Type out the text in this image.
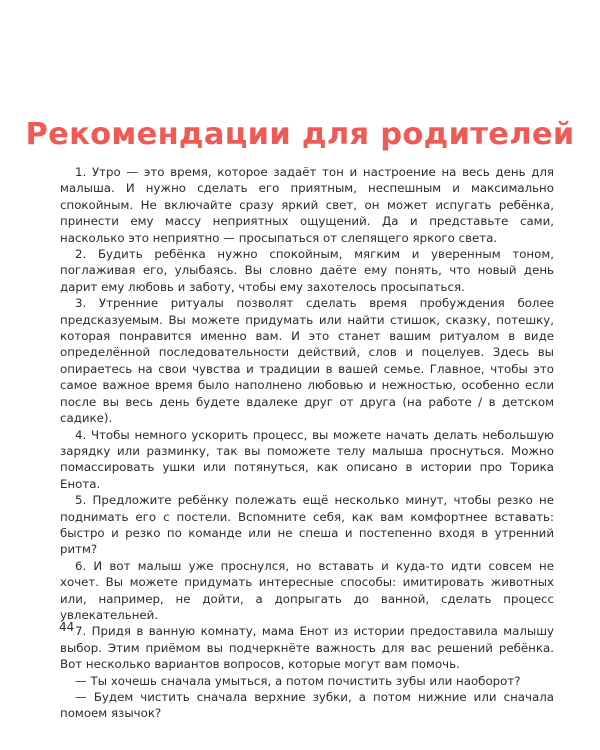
Рекомендации для родителей

1. Утро — это время, которое задаёт тон и настроение на весь день для малыша. И нужно сделать его приятным, неспешным и максимально спокойным. Не включайте сразу яркий свет, он может испугать ребёнка, принести ему массу неприятных ощущений. Да и представьте сами, насколько это неприятно — просыпаться от слепящего яркого света.

2. Будить ребёнка нужно спокойным, мягким и уверенным тоном, поглаживая его, улыбаясь. Вы словно даёте ему понять, что новый день дарит ему любовь и заботу, чтобы ему захотелось просыпаться.

3. Утренние ритуалы позволят сделать время пробуждения более предсказуемым. Вы можете придумать или найти стишок, сказку, потешку, которая понравится именно вам. И это станет вашим ритуалом в виде определённой последовательности действий, слов и поцелуев. Здесь вы опираетесь на свои чувства и традиции в вашей семье. Главное, чтобы это самое важное время было наполнено любовью и нежностью, особенно если после вы весь день будете вдалеке друг от друга (на работе / в детском садике).

4. Чтобы немного ускорить процесс, вы можете начать делать небольшую зарядку или разминку, так вы поможете телу малыша проснуться. Можно помассировать ушки или потянуться, как описано в истории про Торика Енота.

5. Предложите ребёнку полежать ещё несколько минут, чтобы резко не поднимать его с постели. Вспомните себя, как вам комфортнее вставать: быстро и резко по команде или не спеша и постепенно входя в утренний ритм?

6. И вот малыш уже проснулся, но вставать и куда-то идти совсем не хочет. Вы можете придумать интересные способы: имитировать животных или, например, не дойти, а допрыгать до ванной, сделать процесс увлекательней.

7. Придя в ванную комнату, мама Енот из истории предоставила малышу выбор. Этим приёмом вы подчеркнёте важность для вас решений ребёнка. Вот несколько вариантов вопросов, которые могут вам помочь.

— Ты хочешь сначала умыться, а потом почистить зубы или наоборот?

— Будем чистить сначала верхние зубки, а потом нижние или сначала помоем язычок?

44
